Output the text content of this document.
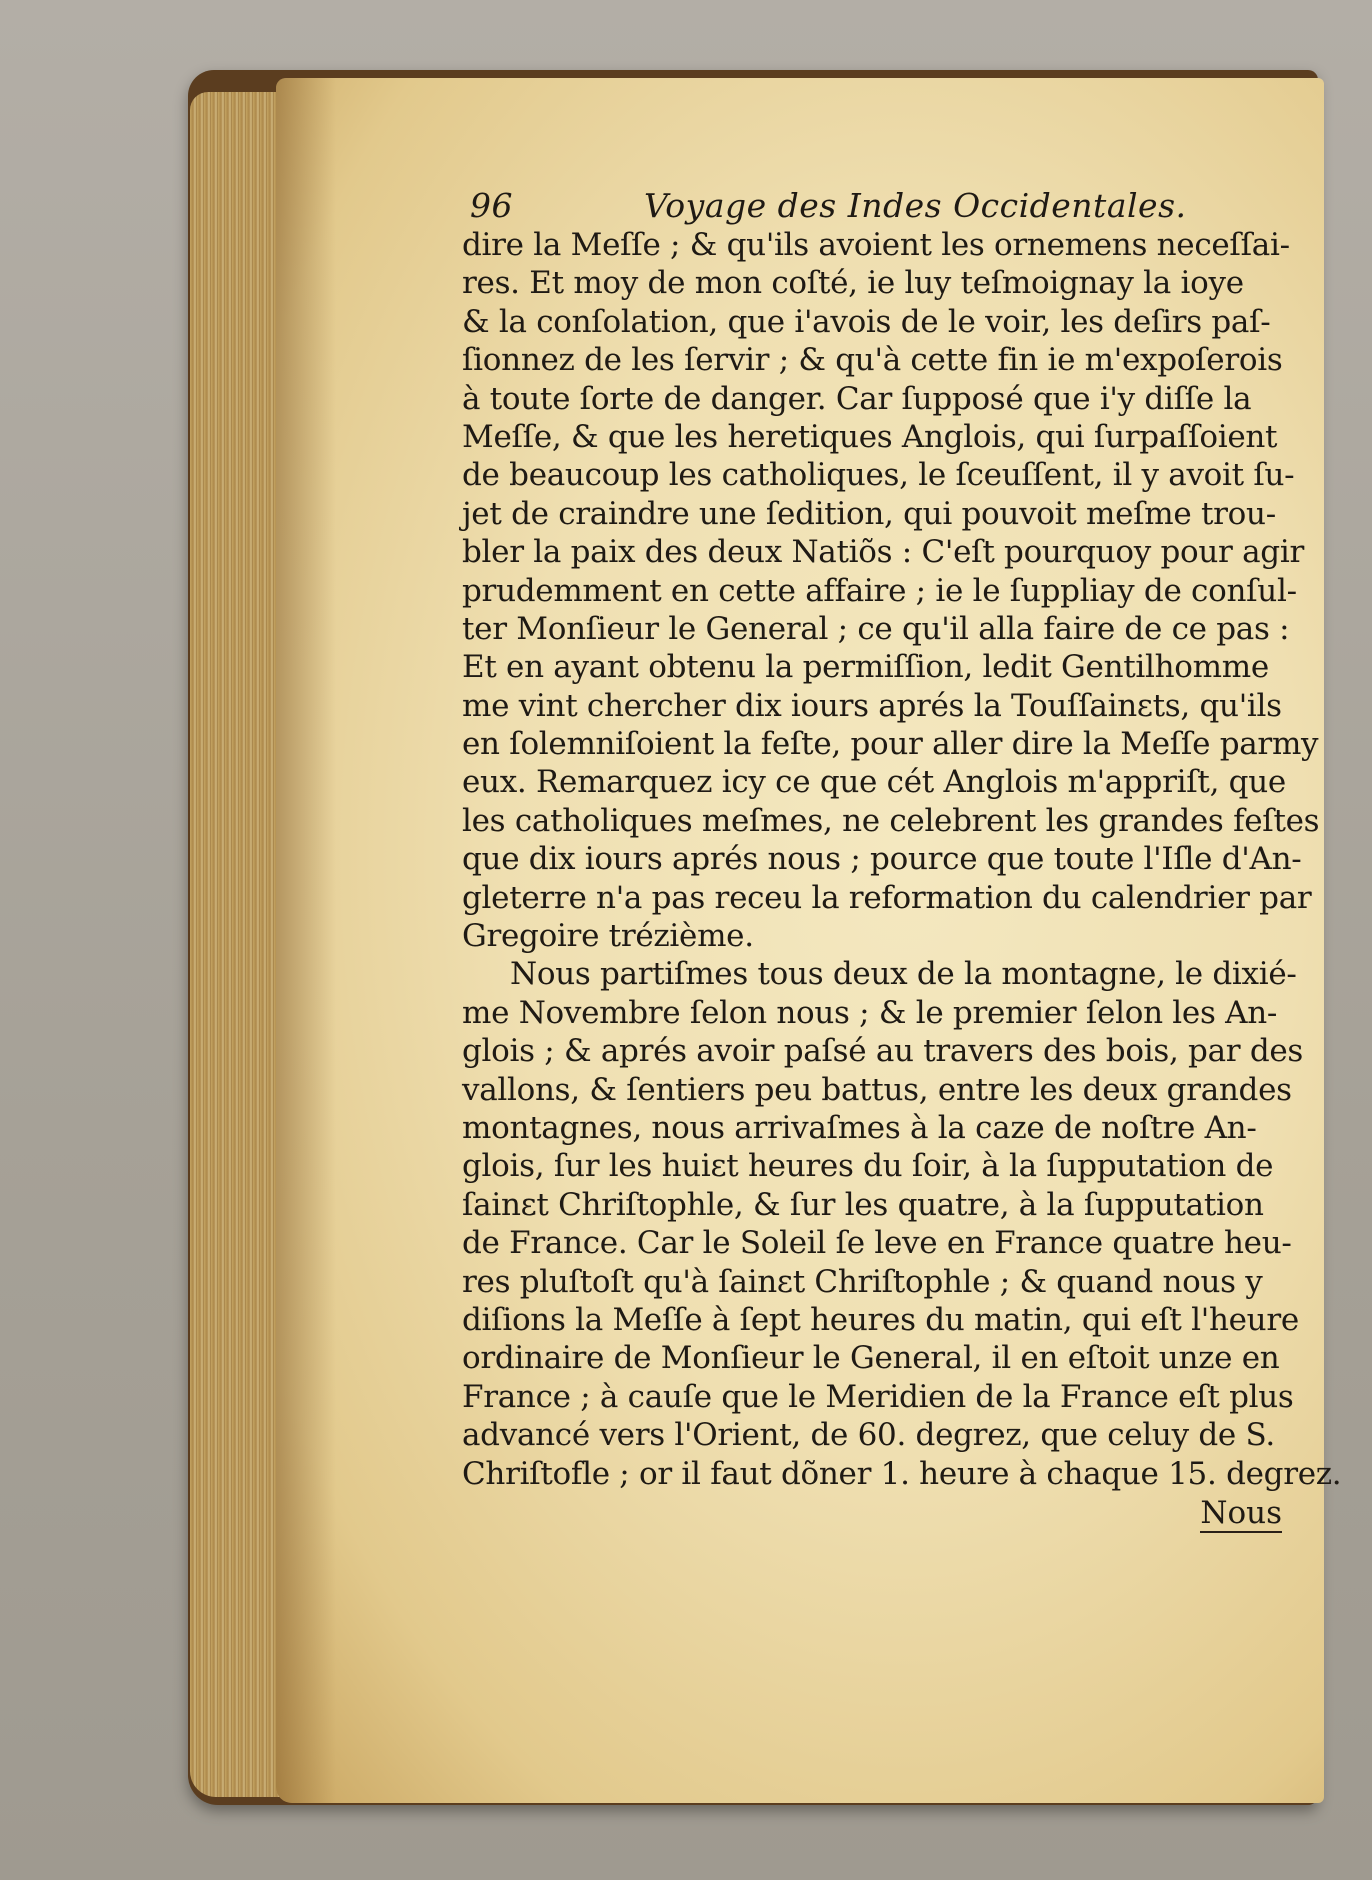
96	Voyage des Indes Occidentales.
dire la Meſſe ; & qu'ils avoient les ornemens neceſſai-
res. Et moy de mon coſté, ie luy teſmoignay la ioye
& la conſolation, que i'avois de le voir, les deſirs paſ-
ſionnez de les ſervir ; & qu'à cette fin ie m'expoſerois
à toute ſorte de danger. Car ſupposé que i'y diſſe la
Meſſe, & que les heretiques Anglois, qui ſurpaſſoient
de beaucoup les catholiques, le ſceuſſent, il y avoit ſu-
jet de craindre une ſedition, qui pouvoit meſme trou-
bler la paix des deux Natiõs : C'eſt pourquoy pour agir
prudemment en cette affaire ; ie le ſuppliay de conſul-
ter Monſieur le General ; ce qu'il alla faire de ce pas :
Et en ayant obtenu la permiſſion, ledit Gentilhomme
me vint chercher dix iours aprés la Touſſainɛts, qu'ils
en ſolemniſoient la feſte, pour aller dire la Meſſe parmy
eux. Remarquez icy ce que cét Anglois m'appriſt, que
les catholiques meſmes, ne celebrent les grandes feſtes
que dix iours aprés nous ; pource que toute l'Iſle d'An-
gleterre n'a pas receu la reformation du calendrier par
Gregoire trézième.
Nous partiſmes tous deux de la montagne, le dixié-
me Novembre ſelon nous ; & le premier ſelon les An-
glois ; & aprés avoir paſsé au travers des bois, par des
vallons, & ſentiers peu battus, entre les deux grandes
montagnes, nous arrivaſmes à la caze de noſtre An-
glois, ſur les huiɛt heures du ſoir, à la ſupputation de
ſainɛt Chriſtophle, & ſur les quatre, à la ſupputation
de France. Car le Soleil ſe leve en France quatre heu-
res pluſtoſt qu'à ſainɛt Chriſtophle ; & quand nous y
diſions la Meſſe à ſept heures du matin, qui eſt l'heure
ordinaire de Monſieur le General, il en eſtoit unze en
France ; à cauſe que le Meridien de la France eſt plus
advancé vers l'Orient, de 60. degrez, que celuy de S.
Chriſtofle ; or il faut dõner 1. heure à chaque 15. degrez.
Nous
